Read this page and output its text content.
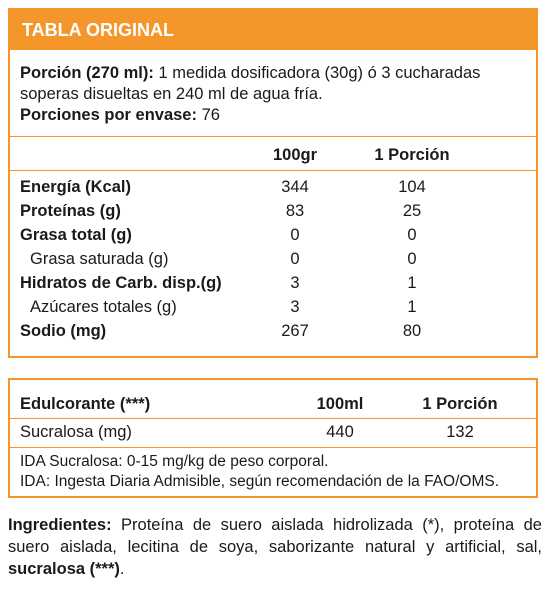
TABLA ORIGINAL
Porción (270 ml): 1 medida dosificadora (30g) ó 3 cucharadas soperas disueltas en 240 ml de agua fría.
Porciones por envase: 76
100gr	1 Porción
Energía (Kcal)	344	104
Proteínas (g)	83	25
Grasa total (g)	0	0
Grasa saturada (g)	0	0
Hidratos de Carb. disp.(g)	3	1
Azúcares totales (g)	3	1
Sodio (mg)	267	80
Edulcorante (***)	100ml	1 Porción
Sucralosa (mg)	440	132
IDA Sucralosa: 0-15 mg/kg de peso corporal.
IDA: Ingesta Diaria Admisible, según recomendación de la FAO/OMS.
Ingredientes: Proteína de suero aislada hidrolizada (*), proteína de suero aislada, lecitina de soya, saborizante natural y artificial, sal, sucralosa (***).
